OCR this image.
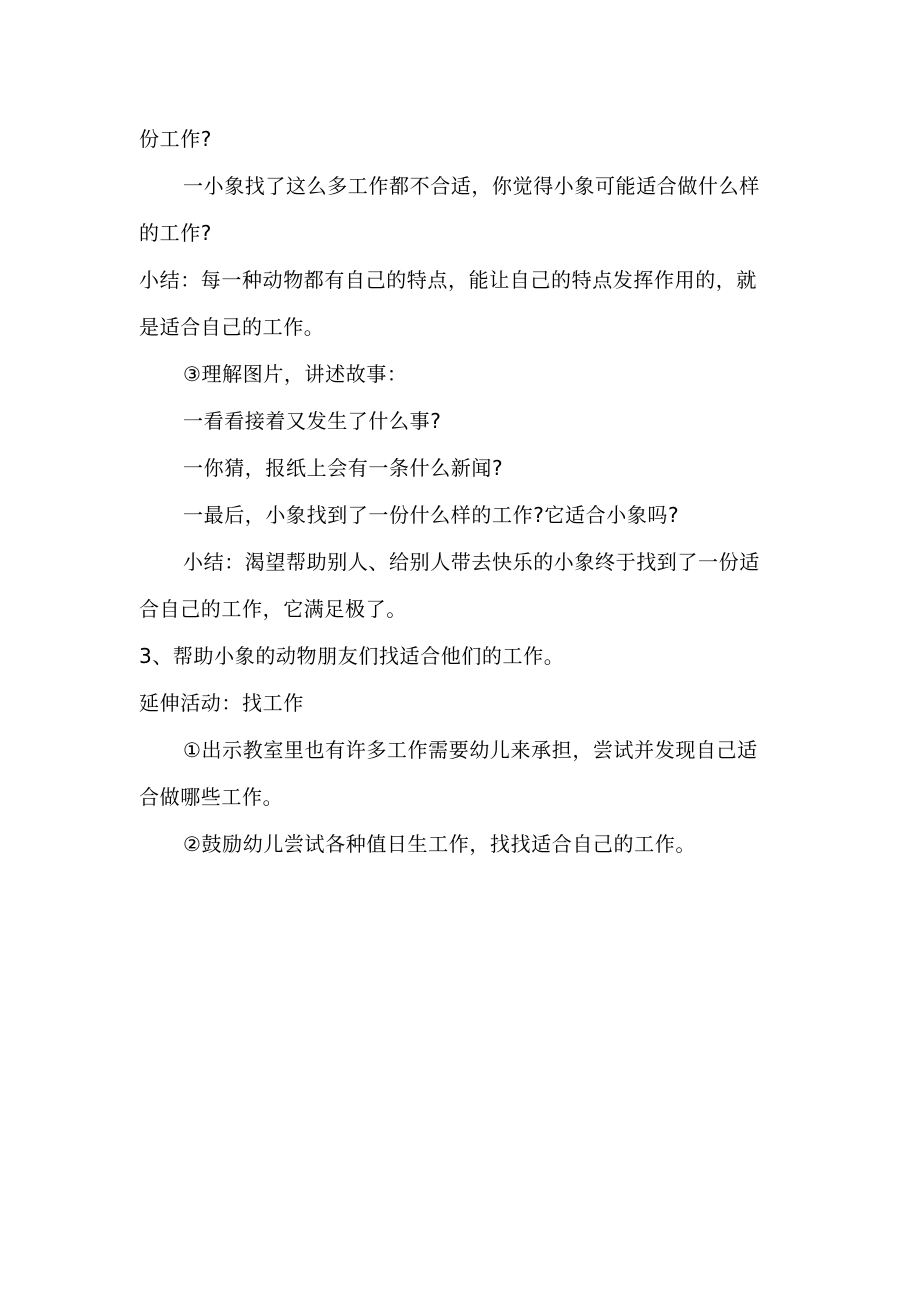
份工作?

一小象找了这么多工作都不合适，你觉得小象可能适合做什么样

的工作?

小结：每一种动物都有自己的特点，能让自己的特点发挥作用的，就

是适合自己的工作。

③理解图片，讲述故事：

一看看接着又发生了什么事?

一你猜，报纸上会有一条什么新闻?

一最后，小象找到了一份什么样的工作?它适合小象吗?

小结：渴望帮助别人、给别人带去快乐的小象终于找到了一份适

合自己的工作，它满足极了。

3、帮助小象的动物朋友们找适合他们的工作。

延伸活动：找工作

①出示教室里也有许多工作需要幼儿来承担，尝试并发现自己适

合做哪些工作。

②鼓励幼儿尝试各种值日生工作，找找适合自己的工作。
